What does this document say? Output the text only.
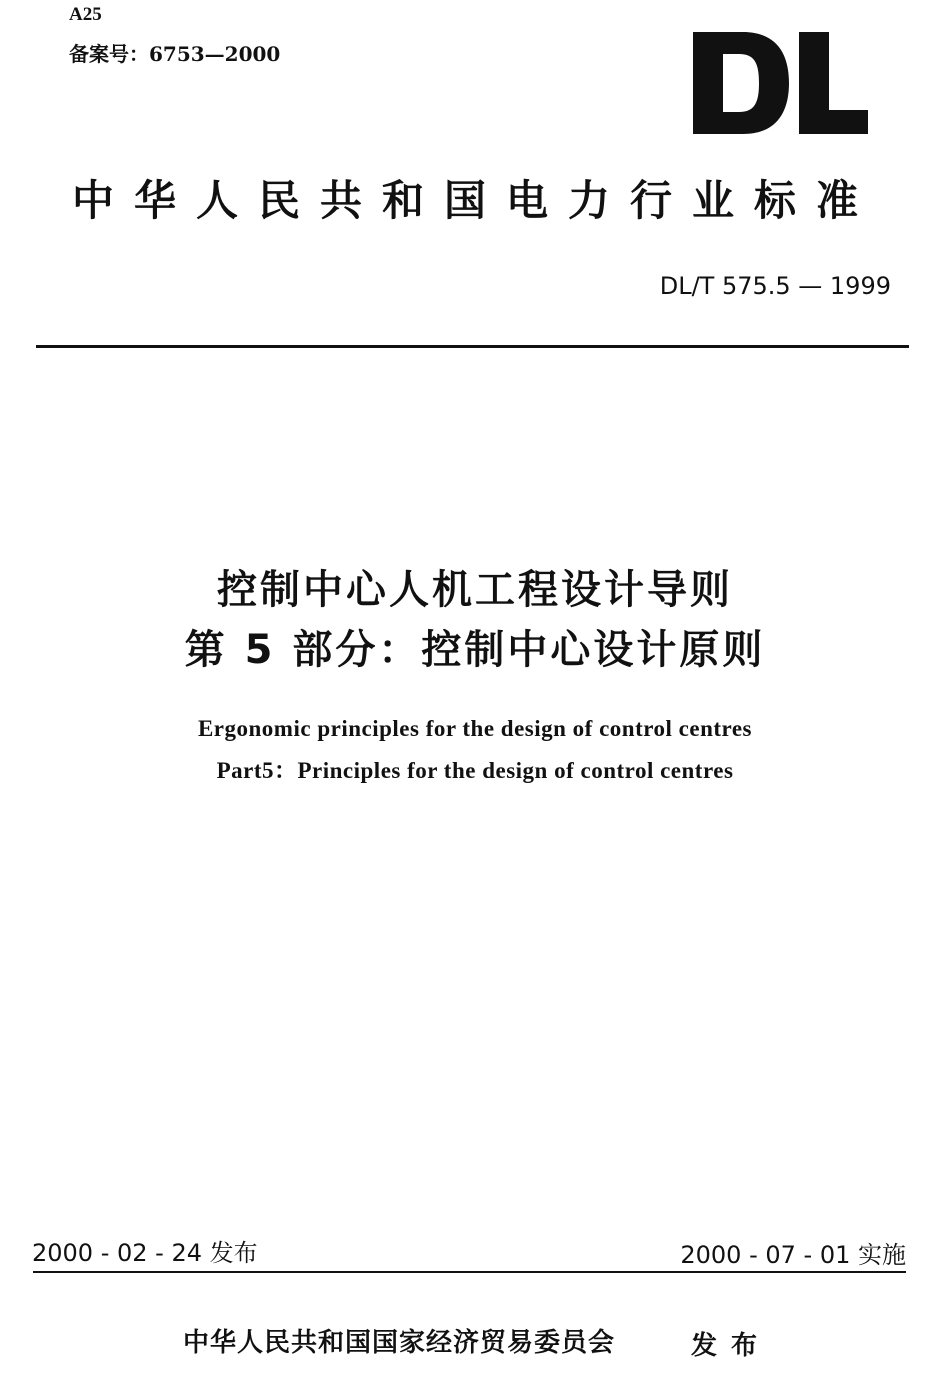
A25
备案号：6753—2000
中华人民共和国电力行业标准
DL/T 575.5 — 1999
控制中心人机工程设计导则
第 5 部分：控制中心设计原则
Ergonomic principles for the design of control centres
Part5：Principles for the design of control centres
2000 - 02 - 24 发布	2000 - 07 - 01 实施
中华人民共和国国家经济贸易委员会	发布
